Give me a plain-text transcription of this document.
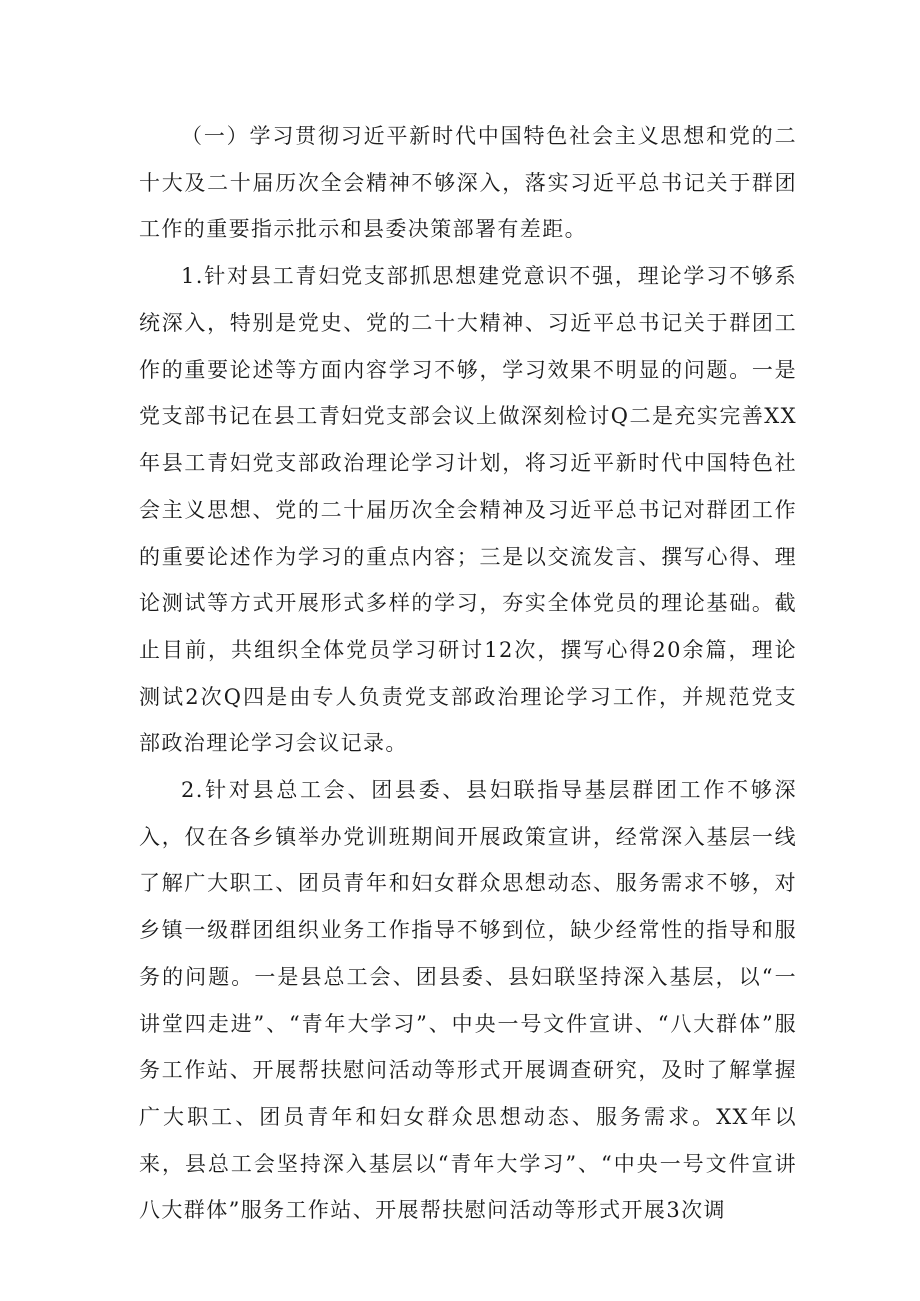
（一）学习贯彻习近平新时代中国特色社会主义思想和党的二十大及二十届历次全会精神不够深入，落实习近平总书记关于群团工作的重要指示批示和县委决策部署有差距。

1.针对县工青妇党支部抓思想建党意识不强，理论学习不够系统深入，特别是党史、党的二十大精神、习近平总书记关于群团工作的重要论述等方面内容学习不够，学习效果不明显的问题。一是党支部书记在县工青妇党支部会议上做深刻检讨Q二是充实完善XX年县工青妇党支部政治理论学习计划，将习近平新时代中国特色社会主义思想、党的二十届历次全会精神及习近平总书记对群团工作的重要论述作为学习的重点内容；三是以交流发言、撰写心得、理论测试等方式开展形式多样的学习，夯实全体党员的理论基础。截止目前，共组织全体党员学习研讨12次，撰写心得20余篇，理论测试2次Q四是由专人负责党支部政治理论学习工作，并规范党支部政治理论学习会议记录。

2.针对县总工会、团县委、县妇联指导基层群团工作不够深入，仅在各乡镇举办党训班期间开展政策宣讲，经常深入基层一线了解广大职工、团员青年和妇女群众思想动态、服务需求不够，对乡镇一级群团组织业务工作指导不够到位，缺少经常性的指导和服务的问题。一是县总工会、团县委、县妇联坚持深入基层，以“一讲堂四走进”、“青年大学习”、中央一号文件宣讲、“八大群体”服务工作站、开展帮扶慰问活动等形式开展调查研究，及时了解掌握广大职工、团员青年和妇女群众思想动态、服务需求。XX年以来，县总工会坚持深入基层以“青年大学习”、“中央一号文件宣讲八大群体”服务工作站、开展帮扶慰问活动等形式开展3次调
